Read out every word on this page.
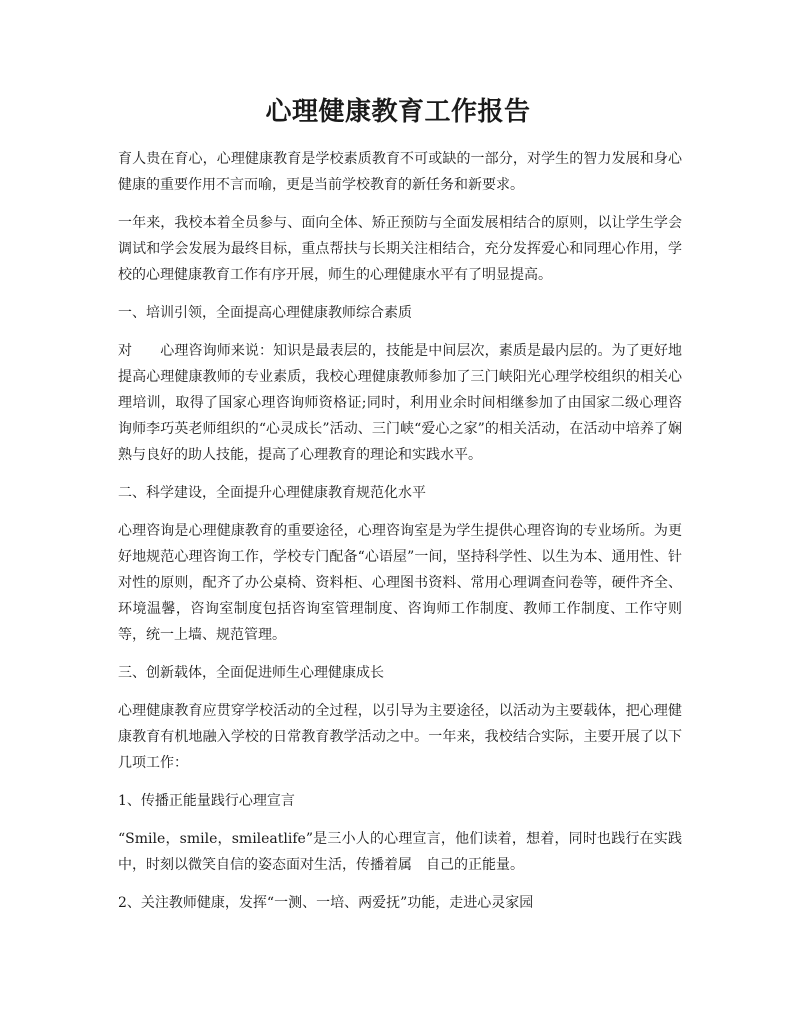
心理健康教育工作报告

育人贵在育心，心理健康教育是学校素质教育不可或缺的一部分，对学生的智力发展和身心健康的重要作用不言而喻，更是当前学校教育的新任务和新要求。

一年来，我校本着全员参与、面向全体、矫正预防与全面发展相结合的原则，以让学生学会调试和学会发展为最终目标，重点帮扶与长期关注相结合，充分发挥爱心和同理心作用，学校的心理健康教育工作有序开展，师生的心理健康水平有了明显提高。

一、培训引领，全面提高心理健康教师综合素质

对　　心理咨询师来说：知识是最表层的，技能是中间层次，素质是最内层的。为了更好地提高心理健康教师的专业素质，我校心理健康教师参加了三门峡阳光心理学校组织的相关心理培训，取得了国家心理咨询师资格证;同时，利用业余时间相继参加了由国家二级心理咨询师李巧英老师组织的“心灵成长”活动、三门峡“爱心之家”的相关活动，在活动中培养了娴熟与良好的助人技能，提高了心理教育的理论和实践水平。

二、科学建设，全面提升心理健康教育规范化水平

心理咨询是心理健康教育的重要途径，心理咨询室是为学生提供心理咨询的专业场所。为更好地规范心理咨询工作，学校专门配备“心语屋”一间，坚持科学性、以生为本、通用性、针对性的原则，配齐了办公桌椅、资料柜、心理图书资料、常用心理调查问卷等，硬件齐全、环境温馨，咨询室制度包括咨询室管理制度、咨询师工作制度、教师工作制度、工作守则等，统一上墙、规范管理。

三、创新载体，全面促进师生心理健康成长

心理健康教育应贯穿学校活动的全过程，以引导为主要途径，以活动为主要载体，把心理健康教育有机地融入学校的日常教育教学活动之中。一年来，我校结合实际，主要开展了以下几项工作：

1、传播正能量践行心理宣言

“Smile，smile，smileatlife”是三小人的心理宣言，他们读着，想着，同时也践行在实践中，时刻以微笑自信的姿态面对生活，传播着属　自己的正能量。

2、关注教师健康，发挥“一测、一培、两爱抚”功能，走进心灵家园
